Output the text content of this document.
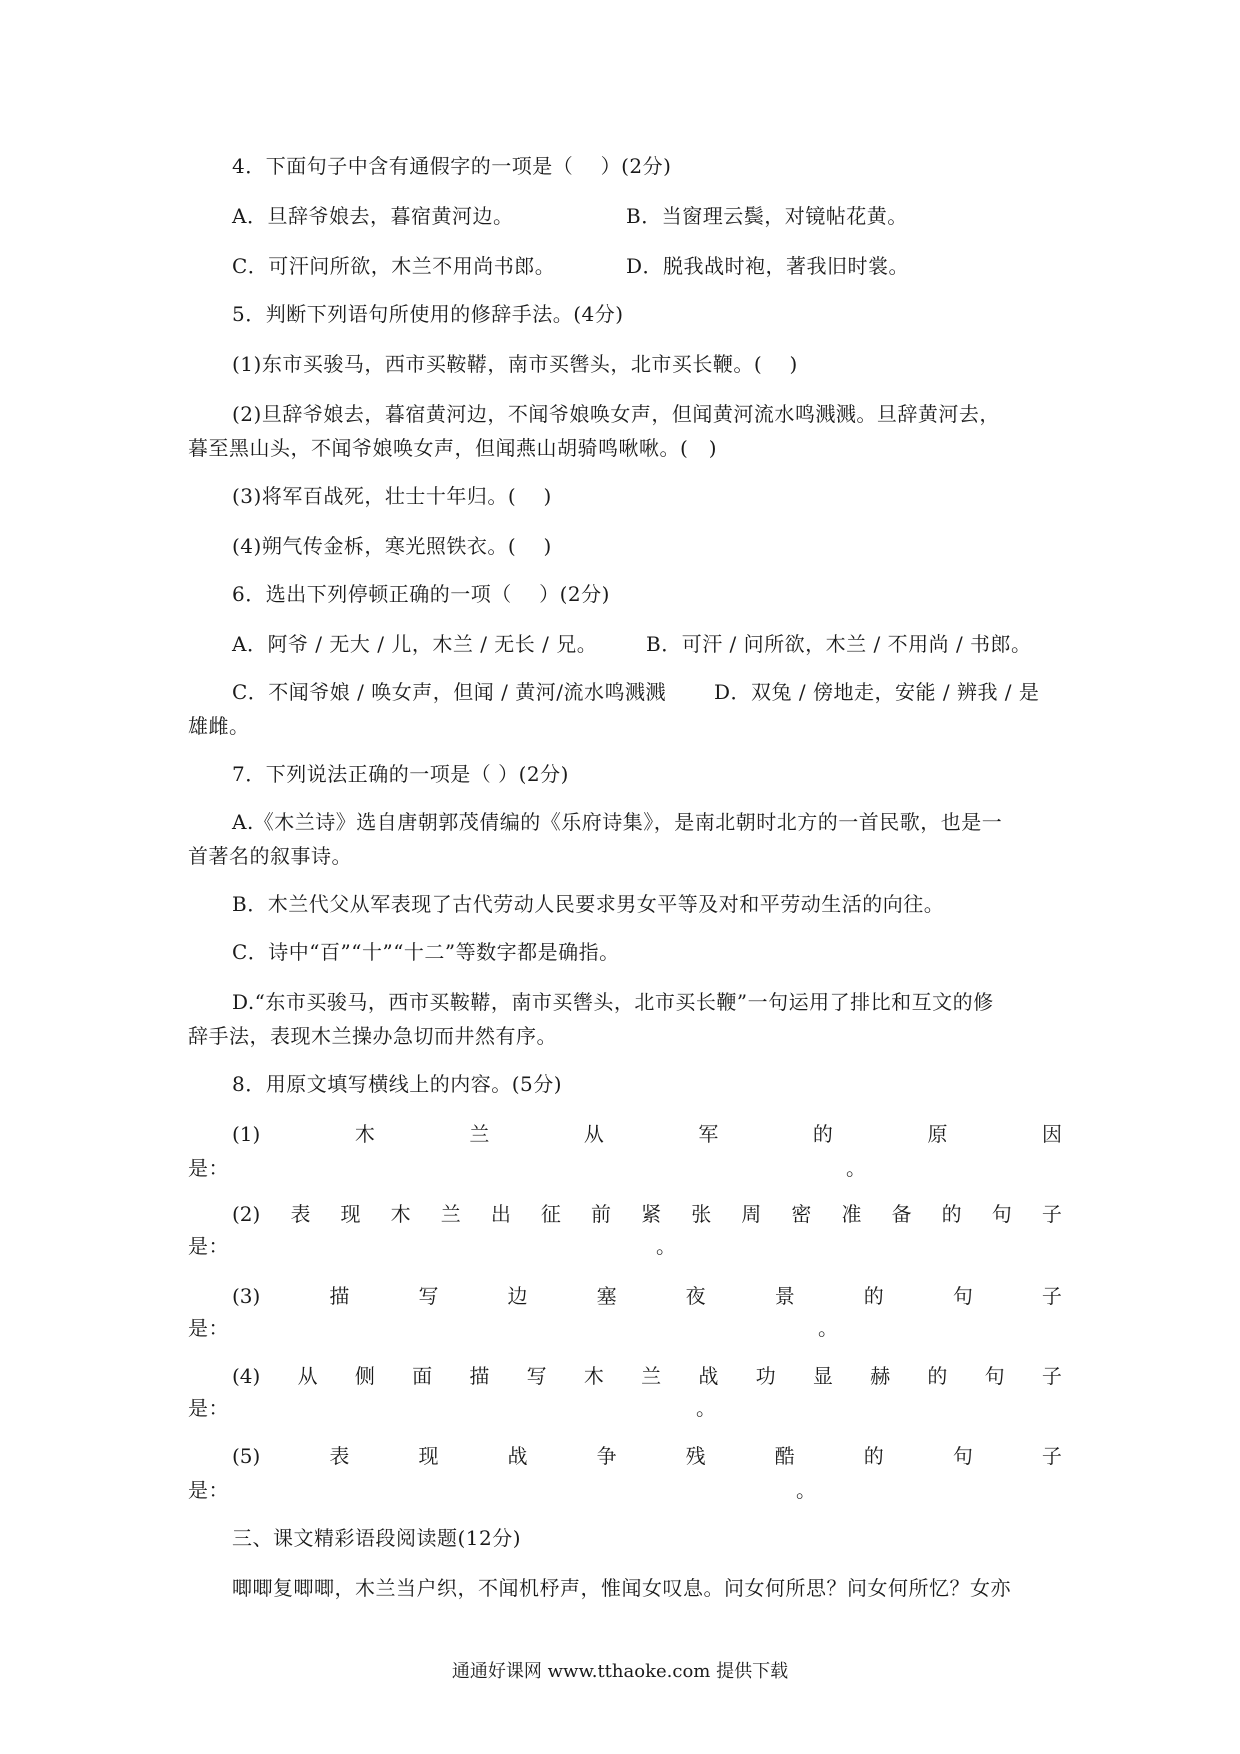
4．下面句子中含有通假字的一项是（　 ）(2分)
A．旦辞爷娘去，暮宿黄河边。	B．当窗理云鬓，对镜帖花黄。
C．可汗问所欲，木兰不用尚书郎。	D．脱我战时袍，著我旧时裳。
5．判断下列语句所使用的修辞手法。(4分)
(1)东市买骏马，西市买鞍鞯，南市买辔头，北市买长鞭。(　 )
(2)旦辞爷娘去，暮宿黄河边，不闻爷娘唤女声，但闻黄河流水鸣溅溅。旦辞黄河去，
暮至黑山头，不闻爷娘唤女声，但闻燕山胡骑鸣啾啾。(　)
(3)将军百战死，壮士十年归。(　 )
(4)朔气传金柝，寒光照铁衣。(　 )
6．选出下列停顿正确的一项（　 ）(2分)
A．阿爷 / 无大 / 儿，木兰 / 无长 / 兄。 B．可汗 / 问所欲，木兰 / 不用尚 / 书郎。
C．不闻爷娘 / 唤女声，但闻 / 黄河/流水鸣溅溅 D．双兔 / 傍地走，安能 / 辨我 / 是
雄雌。
7．下列说法正确的一项是（ ）(2分)
A.《木兰诗》选自唐朝郭茂倩编的《乐府诗集》，是南北朝时北方的一首民歌，也是一
首著名的叙事诗。
B．木兰代父从军表现了古代劳动人民要求男女平等及对和平劳动生活的向往。
C．诗中“百”“十”“十二”等数字都是确指。
D.“东市买骏马，西市买鞍鞯，南市买辔头，北市买长鞭”一句运用了排比和互文的修
辞手法，表现木兰操办急切而井然有序。
8．用原文填写横线上的内容。(5分)
(1)	木	兰	从	军	的	原	因
是：	。
(2) 表 现 木 兰 出 征 前 紧 张 周 密 准 备 的 句 子
是：	。
(3)	描	写	边	塞	夜	景	的	句	子
是：	。
(4) 从 侧 面 描 写 木 兰 战 功 显 赫 的 句 子
是：	。
(5)	表	现	战	争	残	酷	的	句	子
是：	。
三、课文精彩语段阅读题(12分)
唧唧复唧唧，木兰当户织，不闻机杼声，惟闻女叹息。问女何所思？问女何所忆？女亦
通通好课网 www.tthaoke.com 提供下载
